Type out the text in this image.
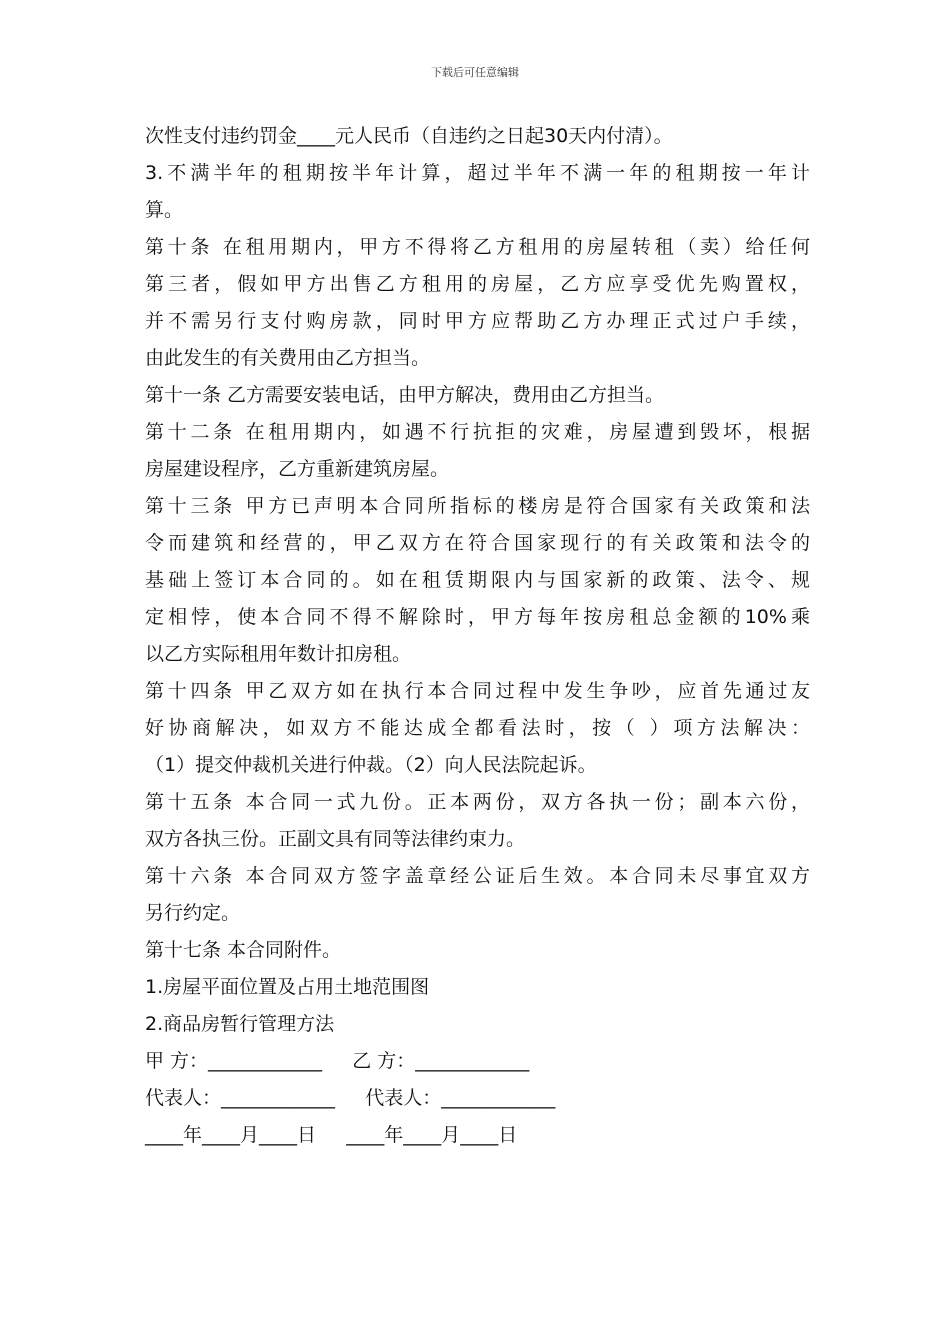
下载后可任意编辑
次性支付违约罚金____元人民币（自违约之日起30天内付清）。
3.不满半年的租期按半年计算，超过半年不满一年的租期按一年计
算。
第十条 在租用期内，甲方不得将乙方租用的房屋转租（卖）给任何
第三者，假如甲方出售乙方租用的房屋，乙方应享受优先购置权，
并不需另行支付购房款，同时甲方应帮助乙方办理正式过户手续，
由此发生的有关费用由乙方担当。
第十一条 乙方需要安装电话，由甲方解决，费用由乙方担当。
第十二条 在租用期内，如遇不行抗拒的灾难，房屋遭到毁坏，根据
房屋建设程序，乙方重新建筑房屋。
第十三条 甲方已声明本合同所指标的楼房是符合国家有关政策和法
令而建筑和经营的，甲乙双方在符合国家现行的有关政策和法令的
基础上签订本合同的。如在租赁期限内与国家新的政策、法令、规
定相悖，使本合同不得不解除时，甲方每年按房租总金额的10%乘
以乙方实际租用年数计扣房租。
第十四条 甲乙双方如在执行本合同过程中发生争吵，应首先通过友
好协商解决，如双方不能达成全都看法时，按（ ）项方法解决：
（1）提交仲裁机关进行仲裁。（2）向人民法院起诉。
第十五条 本合同一式九份。正本两份，双方各执一份；副本六份，
双方各执三份。正副文具有同等法律约束力。
第十六条 本合同双方签字盖章经公证后生效。本合同未尽事宜双方
另行约定。
第十七条 本合同附件。
1.房屋平面位置及占用土地范围图
2.商品房暂行管理方法
甲 方：____________     乙 方：____________
代表人：____________     代表人：____________
____年____月____日     ____年____月____日
